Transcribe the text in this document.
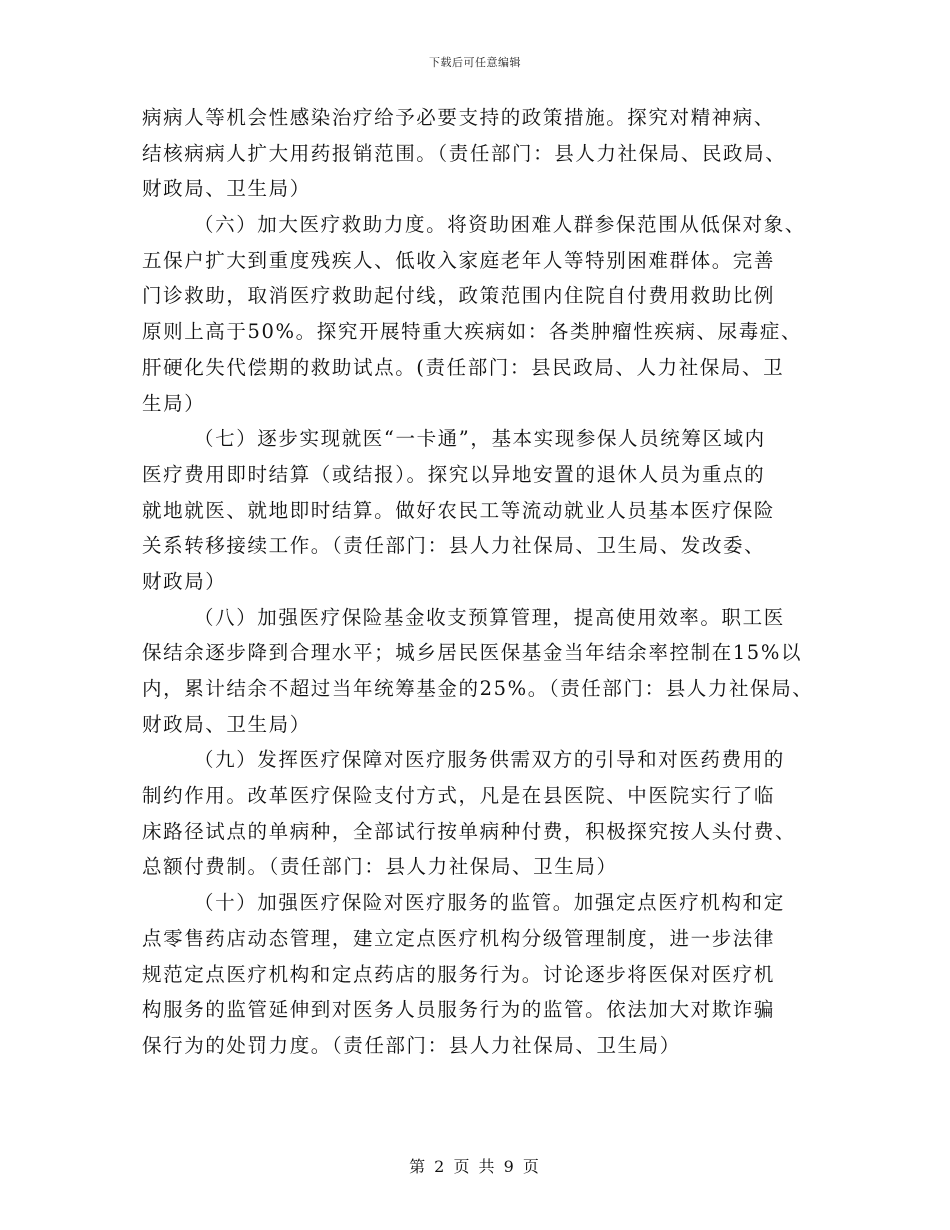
下载后可任意编辑
病病人等机会性感染治疗给予必要支持的政策措施。探究对精神病、
结核病病人扩大用药报销范围。（责任部门：县人力社保局、民政局、
财政局、卫生局）
（六）加大医疗救助力度。将资助困难人群参保范围从低保对象、
五保户扩大到重度残疾人、低收入家庭老年人等特别困难群体。完善
门诊救助，取消医疗救助起付线，政策范围内住院自付费用救助比例
原则上高于50%。探究开展特重大疾病如：各类肿瘤性疾病、尿毒症、
肝硬化失代偿期的救助试点。(责任部门：县民政局、人力社保局、卫
生局）
（七）逐步实现就医“一卡通”，基本实现参保人员统筹区域内
医疗费用即时结算（或结报）。探究以异地安置的退休人员为重点的
就地就医、就地即时结算。做好农民工等流动就业人员基本医疗保险
关系转移接续工作。（责任部门：县人力社保局、卫生局、发改委、
财政局）
（八）加强医疗保险基金收支预算管理，提高使用效率。职工医
保结余逐步降到合理水平；城乡居民医保基金当年结余率控制在15%以
内，累计结余不超过当年统筹基金的25%。（责任部门：县人力社保局、
财政局、卫生局）
（九）发挥医疗保障对医疗服务供需双方的引导和对医药费用的
制约作用。改革医疗保险支付方式，凡是在县医院、中医院实行了临
床路径试点的单病种，全部试行按单病种付费，积极探究按人头付费、
总额付费制。（责任部门：县人力社保局、卫生局）
（十）加强医疗保险对医疗服务的监管。加强定点医疗机构和定
点零售药店动态管理，建立定点医疗机构分级管理制度，进一步法律
规范定点医疗机构和定点药店的服务行为。讨论逐步将医保对医疗机
构服务的监管延伸到对医务人员服务行为的监管。依法加大对欺诈骗
保行为的处罚力度。（责任部门：县人力社保局、卫生局）
第 2 页 共 9 页
